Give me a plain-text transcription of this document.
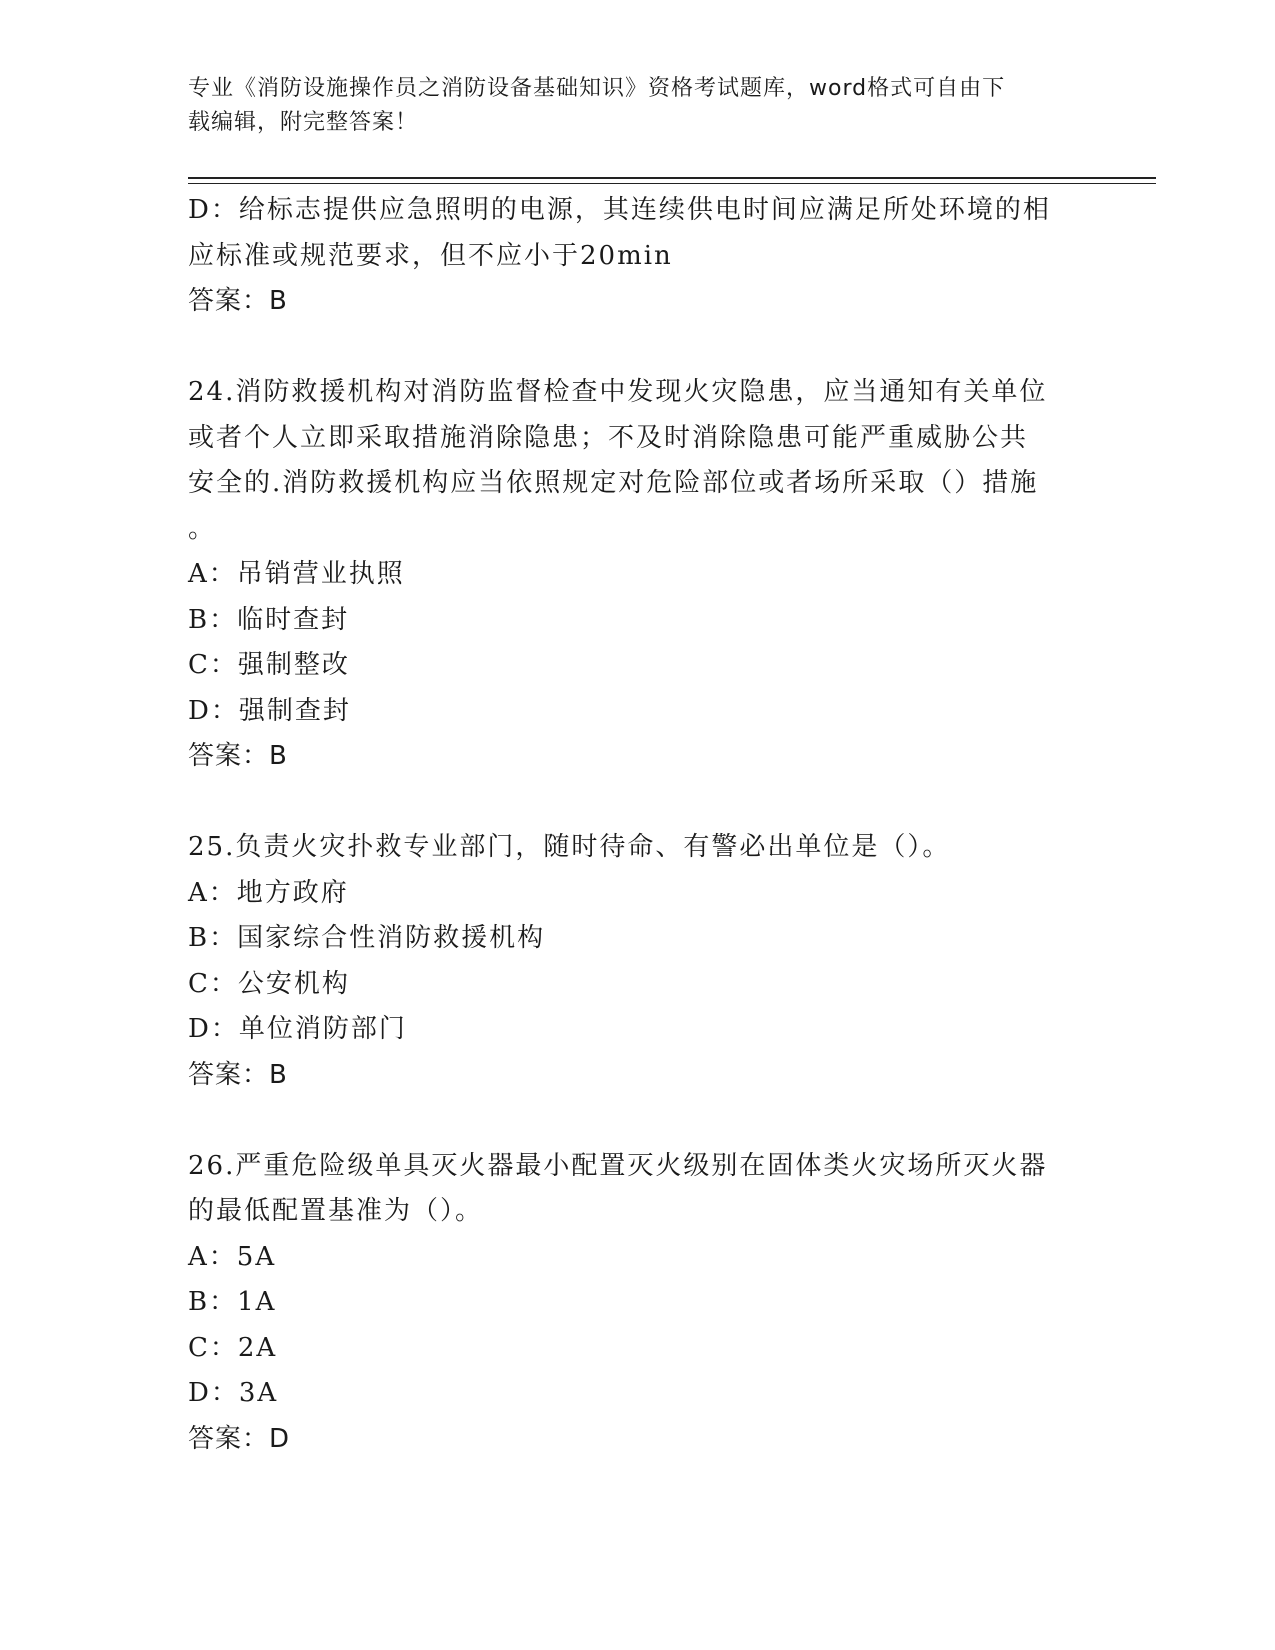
专业《消防设施操作员之消防设备基础知识》资格考试题库，word格式可自由下
载编辑，附完整答案！
D：给标志提供应急照明的电源，其连续供电时间应满足所处环境的相
应标准或规范要求，但不应小于20min
答案：B
24.消防救援机构对消防监督检查中发现火灾隐患，应当通知有关单位
或者个人立即采取措施消除隐患；不及时消除隐患可能严重威胁公共
安全的.消防救援机构应当依照规定对危险部位或者场所采取（）措施
。
A：吊销营业执照
B：临时查封
C：强制整改
D：强制查封
答案：B
25.负责火灾扑救专业部门，随时待命、有警必出单位是（）。
A：地方政府
B：国家综合性消防救援机构
C：公安机构
D：单位消防部门
答案：B
26.严重危险级单具灭火器最小配置灭火级别在固体类火灾场所灭火器
的最低配置基准为（）。
A：5A
B：1A
C：2A
D：3A
答案：D
